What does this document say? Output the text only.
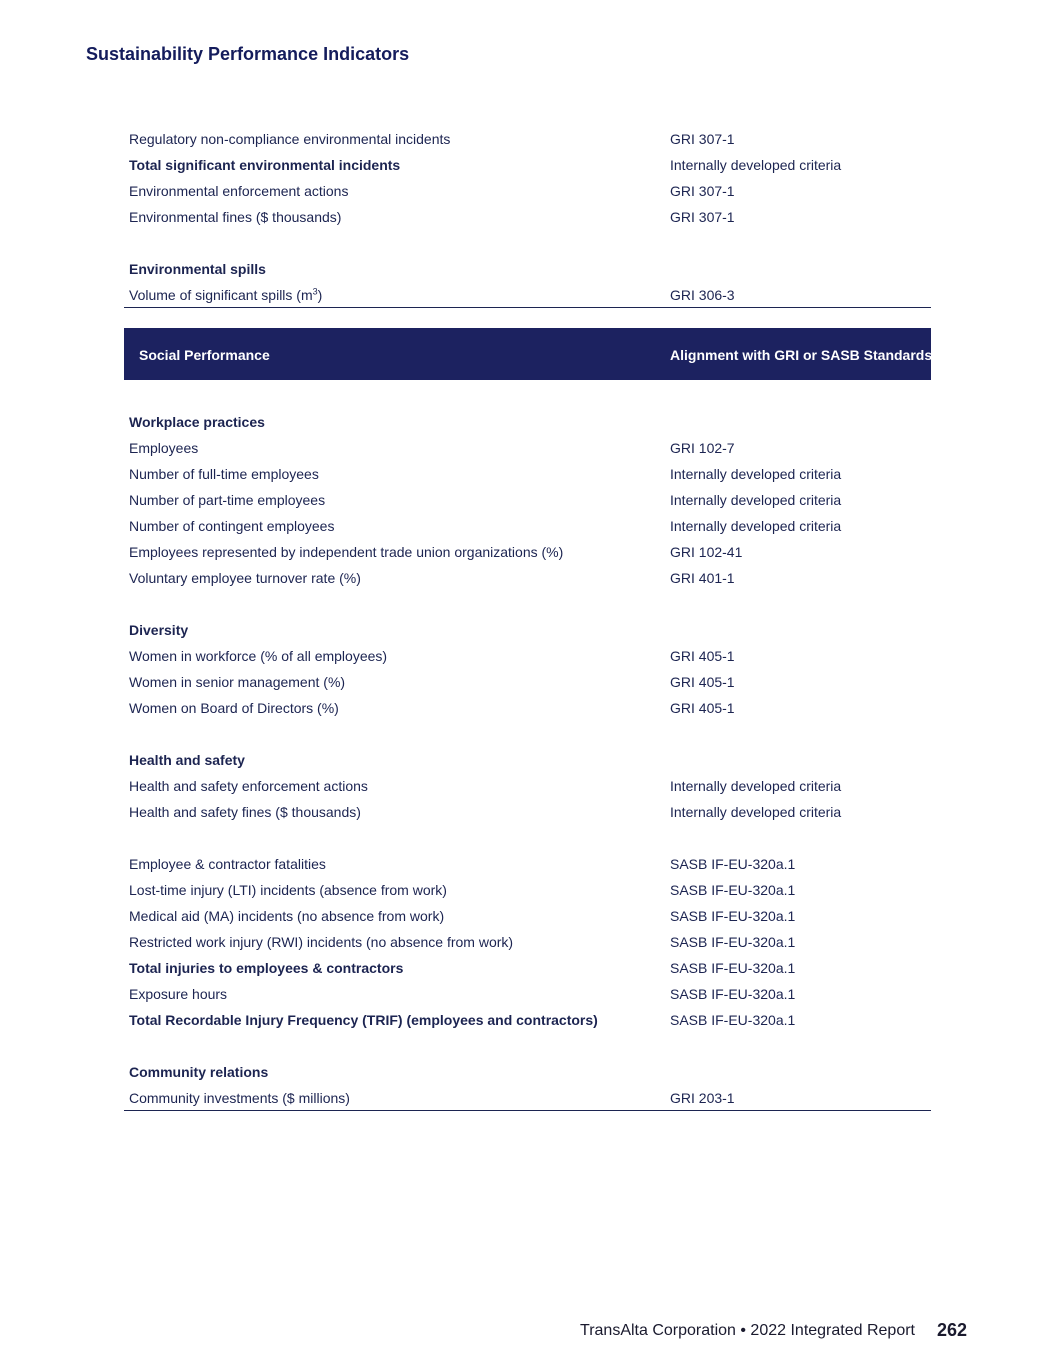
Sustainability Performance Indicators
Regulatory non-compliance environmental incidents	GRI 307-1
Total significant environmental incidents	Internally developed criteria
Environmental enforcement actions	GRI 307-1
Environmental fines ($ thousands)	GRI 307-1
Environmental spills
Volume of significant spills $(m^3)$	GRI 306-3
Social Performance	Alignment with GRI or SASB Standards
Workplace practices
Employees	GRI 102-7
Number of full-time employees	Internally developed criteria
Number of part-time employees	Internally developed criteria
Number of contingent employees	Internally developed criteria
Employees represented by independent trade union organizations (%)	GRI 102-41
Voluntary employee turnover rate (%)	GRI 401-1
Diversity
Women in workforce (% of all employees)	GRI 405-1
Women in senior management (%)	GRI 405-1
Women on Board of Directors (%)	GRI 405-1
Health and safety
Health and safety enforcement actions	Internally developed criteria
Health and safety fines ($ thousands)	Internally developed criteria
Employee & contractor fatalities	SASB IF-EU-320a.1
Lost-time injury (LTI) incidents (absence from work)	SASB IF-EU-320a.1
Medical aid (MA) incidents (no absence from work)	SASB IF-EU-320a.1
Restricted work injury (RWI) incidents (no absence from work)	SASB IF-EU-320a.1
Total injuries to employees & contractors	SASB IF-EU-320a.1
Exposure hours	SASB IF-EU-320a.1
Total Recordable Injury Frequency (TRIF) (employees and contractors)	SASB IF-EU-320a.1
Community relations
Community investments ($ millions)	GRI 203-1
TransAlta Corporation • 2022 Integrated Report 262
